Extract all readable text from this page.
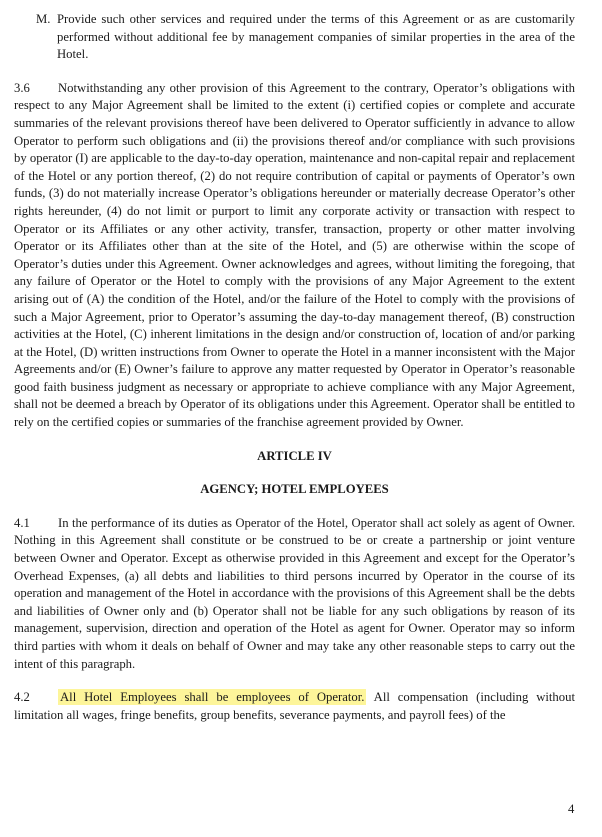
M. Provide such other services and required under the terms of this Agreement or as are customarily performed without additional fee by management companies of similar properties in the area of the Hotel.

3.6 Notwithstanding any other provision of this Agreement to the contrary, Operator’s obligations with respect to any Major Agreement shall be limited to the extent (i) certified copies or complete and accurate summaries of the relevant provisions thereof have been delivered to Operator sufficiently in advance to allow Operator to perform such obligations and (ii) the provisions thereof and/or compliance with such provisions by operator (I) are applicable to the day-to-day operation, maintenance and non-capital repair and replacement of the Hotel or any portion thereof, (2) do not require contribution of capital or payments of Operator’s own funds, (3) do not materially increase Operator’s obligations hereunder or materially decrease Operator’s other rights hereunder, (4) do not limit or purport to limit any corporate activity or transaction with respect to Operator or its Affiliates or any other activity, transfer, transaction, property or other matter involving Operator or its Affiliates other than at the site of the Hotel, and (5) are otherwise within the scope of Operator’s duties under this Agreement. Owner acknowledges and agrees, without limiting the foregoing, that any failure of Operator or the Hotel to comply with the provisions of any Major Agreement to the extent arising out of (A) the condition of the Hotel, and/or the failure of the Hotel to comply with the provisions of such a Major Agreement, prior to Operator’s assuming the day-to-day management thereof, (B) construction activities at the Hotel, (C) inherent limitations in the design and/or construction of, location of and/or parking at the Hotel, (D) written instructions from Owner to operate the Hotel in a manner inconsistent with the Major Agreements and/or (E) Owner’s failure to approve any matter requested by Operator in Operator’s reasonable good faith business judgment as necessary or appropriate to achieve compliance with any Major Agreement, shall not be deemed a breach by Operator of its obligations under this Agreement. Operator shall be entitled to rely on the certified copies or summaries of the franchise agreement provided by Owner.

ARTICLE IV

AGENCY; HOTEL EMPLOYEES

4.1 In the performance of its duties as Operator of the Hotel, Operator shall act solely as agent of Owner. Nothing in this Agreement shall constitute or be construed to be or create a partnership or joint venture between Owner and Operator. Except as otherwise provided in this Agreement and except for the Operator’s Overhead Expenses, (a) all debts and liabilities to third persons incurred by Operator in the course of its operation and management of the Hotel in accordance with the provisions of this Agreement shall be the debts and liabilities of Owner only and (b) Operator shall not be liable for any such obligations by reason of its management, supervision, direction and operation of the Hotel as agent for Owner. Operator may so inform third parties with whom it deals on behalf of Owner and may take any other reasonable steps to carry out the intent of this paragraph.

4.2 All Hotel Employees shall be employees of Operator. All compensation (including without limitation all wages, fringe benefits, group benefits, severance payments, and payroll fees) of the

4
